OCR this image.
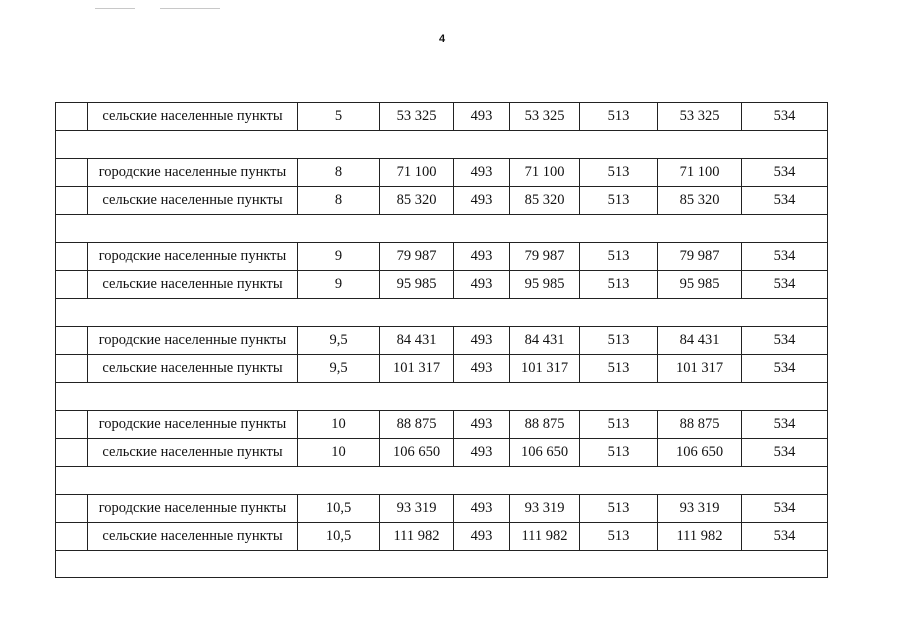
4
	сельские населенные пункты	5	53 325	493	53 325	513	53 325	534

	городские населенные пункты	8	71 100	493	71 100	513	71 100	534
	сельские населенные пункты	8	85 320	493	85 320	513	85 320	534

	городские населенные пункты	9	79 987	493	79 987	513	79 987	534
	сельские населенные пункты	9	95 985	493	95 985	513	95 985	534

	городские населенные пункты	9,5	84 431	493	84 431	513	84 431	534
	сельские населенные пункты	9,5	101 317	493	101 317	513	101 317	534

	городские населенные пункты	10	88 875	493	88 875	513	88 875	534
	сельские населенные пункты	10	106 650	493	106 650	513	106 650	534

	городские населенные пункты	10,5	93 319	493	93 319	513	93 319	534
	сельские населенные пункты	10,5	111 982	493	111 982	513	111 982	534
